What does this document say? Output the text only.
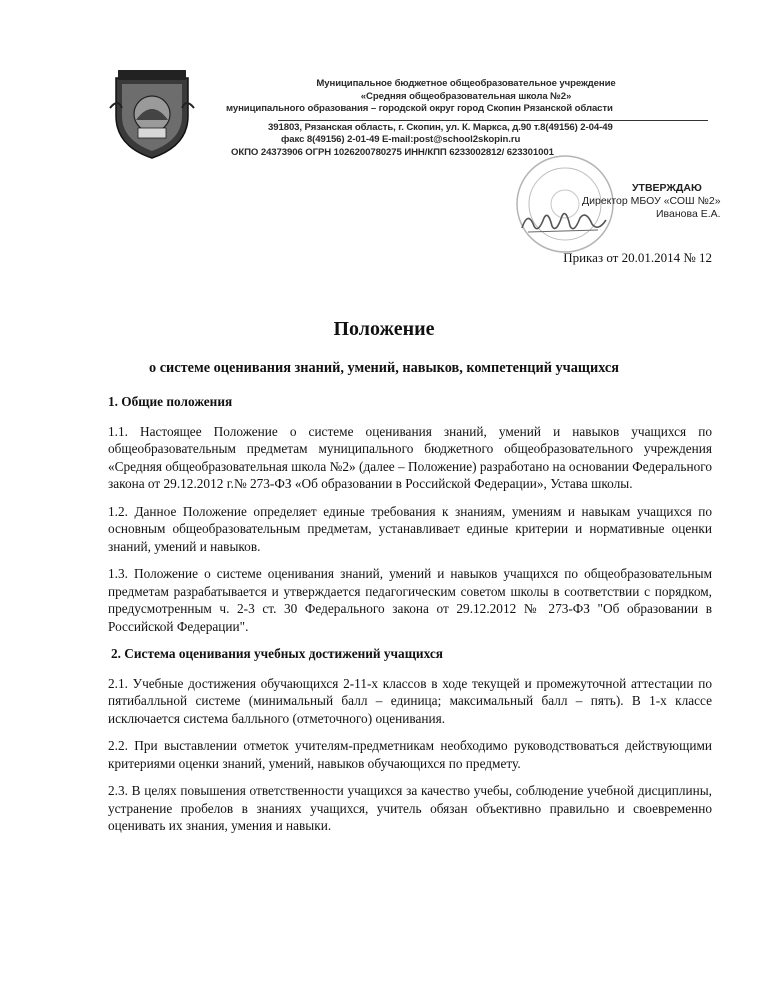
Муниципальное бюджетное общеобразовательное учреждение
«Средняя общеобразовательная школа №2»
муниципального образования – городской округ город Скопин Рязанской области
391803, Рязанская область, г. Скопин, ул. К. Маркса, д.90 т.8(49156) 2-04-49
факс 8(49156) 2-01-49 E-mail:post@school2skopin.ru
ОКПО 24373906 ОГРН 1026200780275 ИНН/КПП 6233002812/ 623301001
УТВЕРЖДАЮ
Директор МБОУ «СОШ №2»
Иванова Е.А.
Приказ от 20.01.2014 № 12
Положение
о системе оценивания знаний, умений, навыков, компетенций учащихся
1. Общие положения

1.1. Настоящее Положение о системе оценивания знаний, умений и навыков учащихся по общеобразовательным предметам муниципального бюджетного общеобразовательного учреждения «Средняя общеобразовательная школа №2» (далее – Положение) разработано на основании Федерального закона от 29.12.2012 г.№ 273-ФЗ «Об образовании в Российской Федерации», Устава школы.

1.2. Данное Положение определяет единые требования к знаниям, умениям и навыкам учащихся по основным общеобразовательным предметам, устанавливает единые критерии и нормативные оценки знаний, умений и навыков.

1.3. Положение о системе оценивания знаний, умений и навыков учащихся по общеобразовательным предметам разрабатывается и утверждается педагогическим советом школы в соответствии с порядком, предусмотренным ч. 2-3 ст. 30 Федерального закона от 29.12.2012 № 273-ФЗ "Об образовании в Российской Федерации".

2. Система оценивания учебных достижений учащихся

2.1. Учебные достижения обучающихся 2-11-х классов в ходе текущей и промежуточной аттестации по пятибалльной системе (минимальный балл – единица; максимальный балл – пять). В 1-х классе исключается система балльного (отметочного) оценивания.

2.2. При выставлении отметок учителям-предметникам необходимо руководствоваться действующими критериями оценки знаний, умений, навыков обучающихся по предмету.

2.3. В целях повышения ответственности учащихся за качество учебы, соблюдение учебной дисциплины, устранение пробелов в знаниях учащихся, учитель обязан объективно правильно и своевременно оценивать их знания, умения и навыки.
